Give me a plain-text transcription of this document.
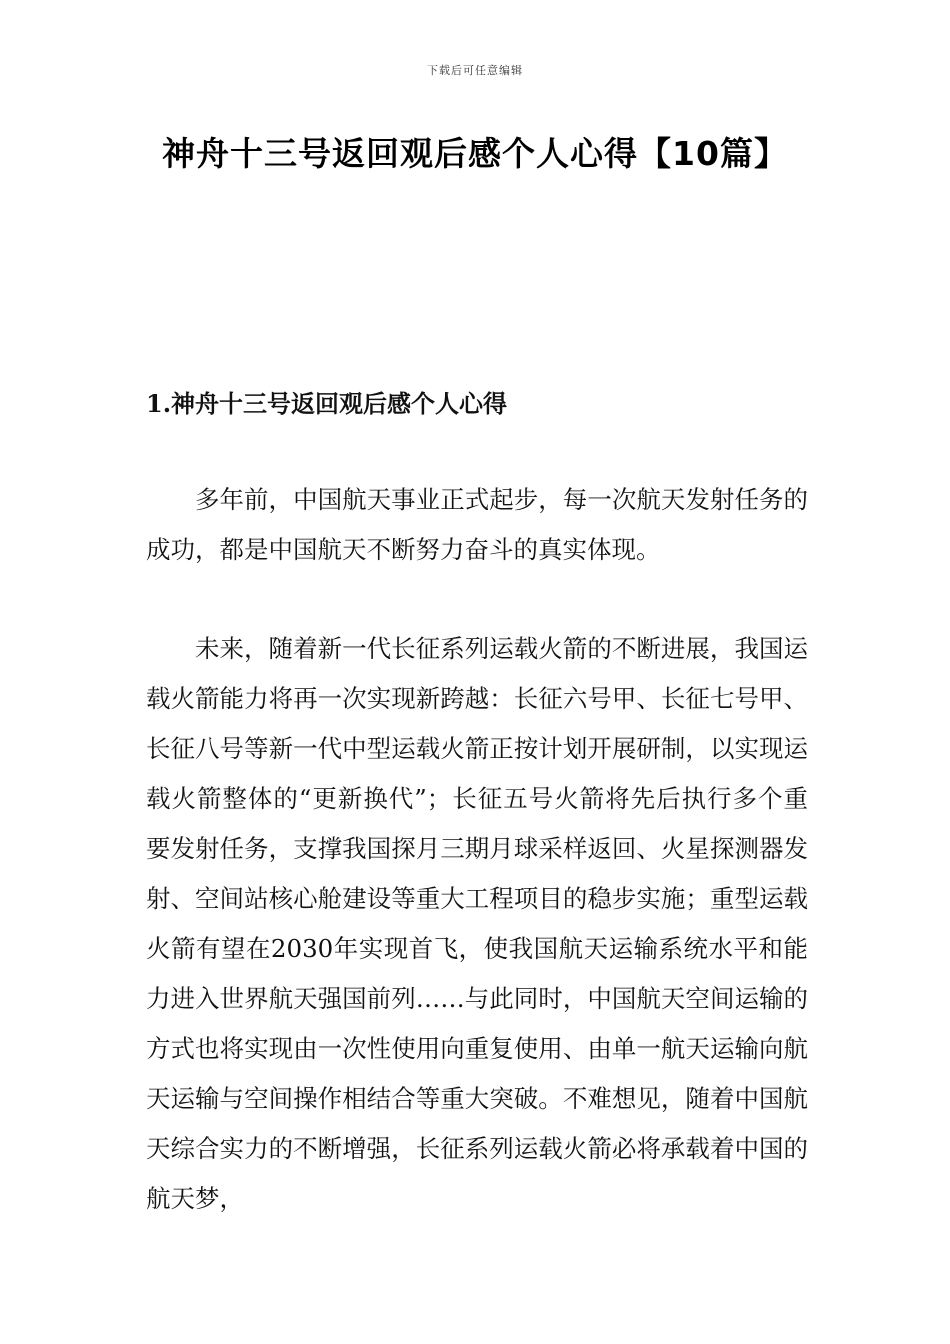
下载后可任意编辑
神舟十三号返回观后感个人心得【10篇】
1.神舟十三号返回观后感个人心得

多年前，中国航天事业正式起步，每一次航天发射任务的成功，都是中国航天不断努力奋斗的真实体现。

未来，随着新一代长征系列运载火箭的不断进展，我国运载火箭能力将再一次实现新跨越：长征六号甲、长征七号甲、长征八号等新一代中型运载火箭正按计划开展研制，以实现运载火箭整体的“更新换代”；长征五号火箭将先后执行多个重要发射任务，支撑我国探月三期月球采样返回、火星探测器发射、空间站核心舱建设等重大工程项目的稳步实施；重型运载火箭有望在2030年实现首飞，使我国航天运输系统水平和能力进入世界航天强国前列……与此同时，中国航天空间运输的方式也将实现由一次性使用向重复使用、由单一航天运输向航天运输与空间操作相结合等重大突破。不难想见，随着中国航天综合实力的不断增强，长征系列运载火箭必将承载着中国的航天梦，
